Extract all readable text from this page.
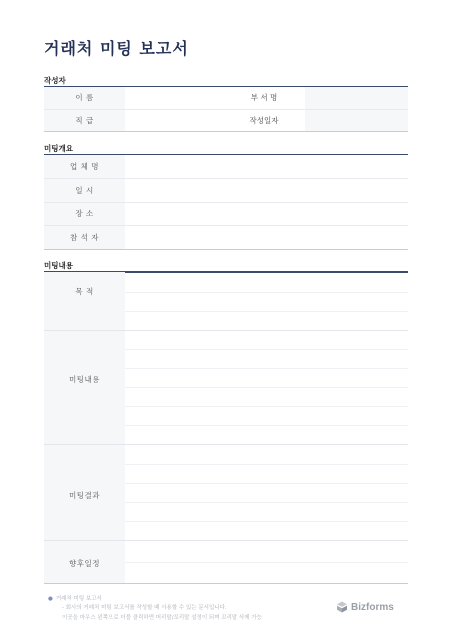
거래처 미팅 보고서
작성자
이 름		부 서 명	
직 급		작성일자	
미팅개요
업 체 명	
일 시	
장 소	
참 석 자	
미팅내용
목 적
미팅내용
미팅결과
향후일정
● 거래처 미팅 보고서
- 회사의 거래처 미팅 보고서를 작성할 때 사용할 수 있는 문서입니다.
이곳을 마우스 왼쪽으로 더블 클릭하면 머리말/꼬리말 설정이 되며 꼬리말 삭제 가능
Bizforms
